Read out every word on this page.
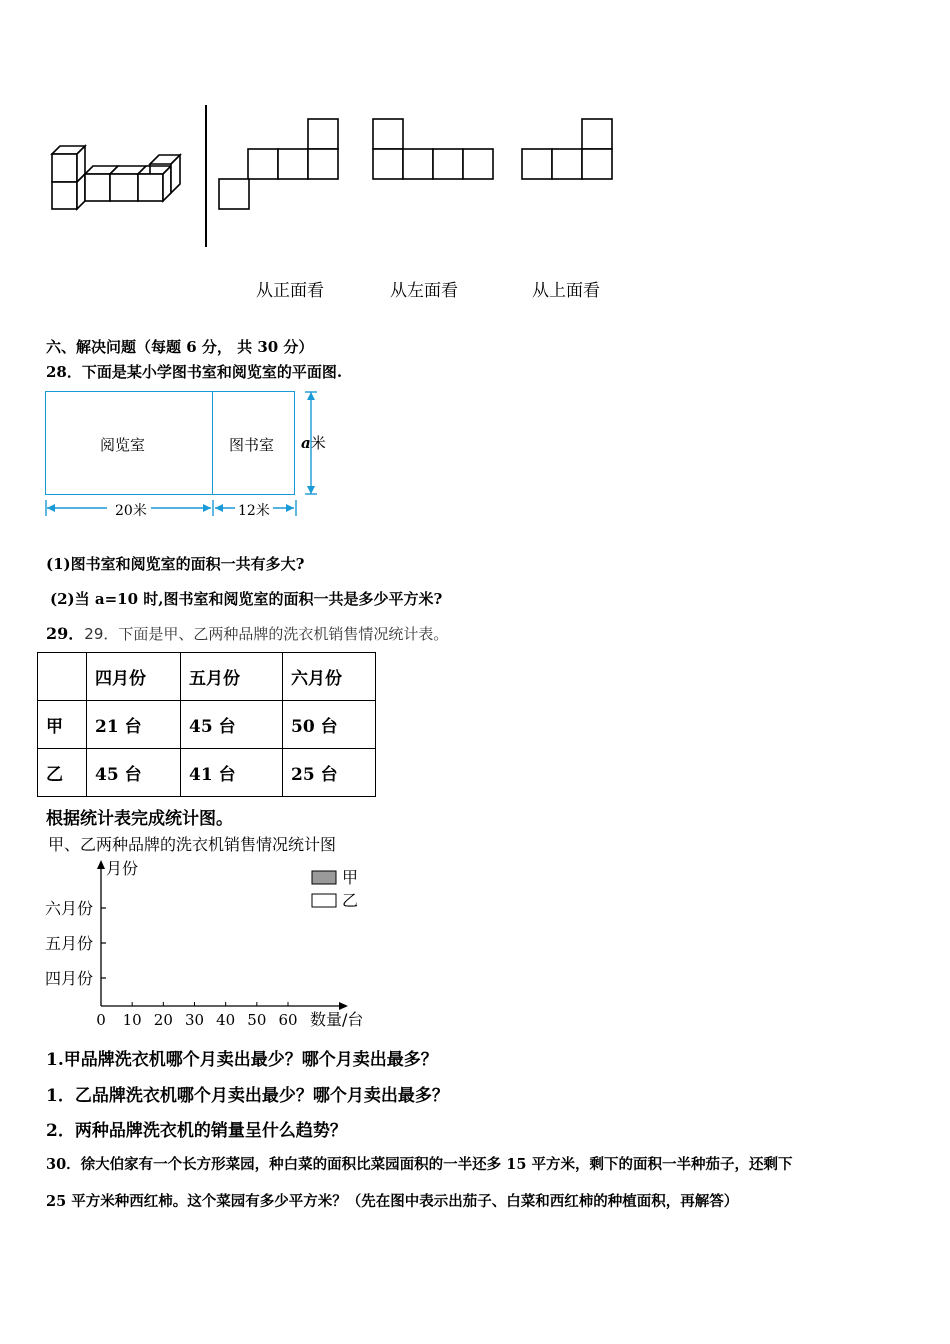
从正面看	从左面看	从上面看
六、解决问题（每题 6 分， 共 30 分）
28．下面是某小学图书室和阅览室的平面图.
阅览室	图书室 a米
20米	12米
(1)图书室和阅览室的面积一共有多大?
(2)当 a=10 时,图书室和阅览室的面积一共是多少平方米?
29．29．下面是甲、乙两种品牌的洗衣机销售情况统计表。
	四月份	五月份	六月份
甲	21 台	45 台	50 台
乙	45 台	41 台	25 台
根据统计表完成统计图。
甲、乙两种品牌的洗衣机销售情况统计图
月份
数量/台
四月份
五月份
六月份
0 10 20 30 40 50 60
甲
乙
1.甲品牌洗衣机哪个月卖出最少？哪个月卖出最多？
1．乙品牌洗衣机哪个月卖出最少？哪个月卖出最多？
2．两种品牌洗衣机的销量呈什么趋势？
30．徐大伯家有一个长方形菜园，种白菜的面积比菜园面积的一半还多 15 平方米，剩下的面积一半种茄子，还剩下
25 平方米种西红柿。这个菜园有多少平方米？（先在图中表示出茄子、白菜和西红柿的种植面积，再解答）
